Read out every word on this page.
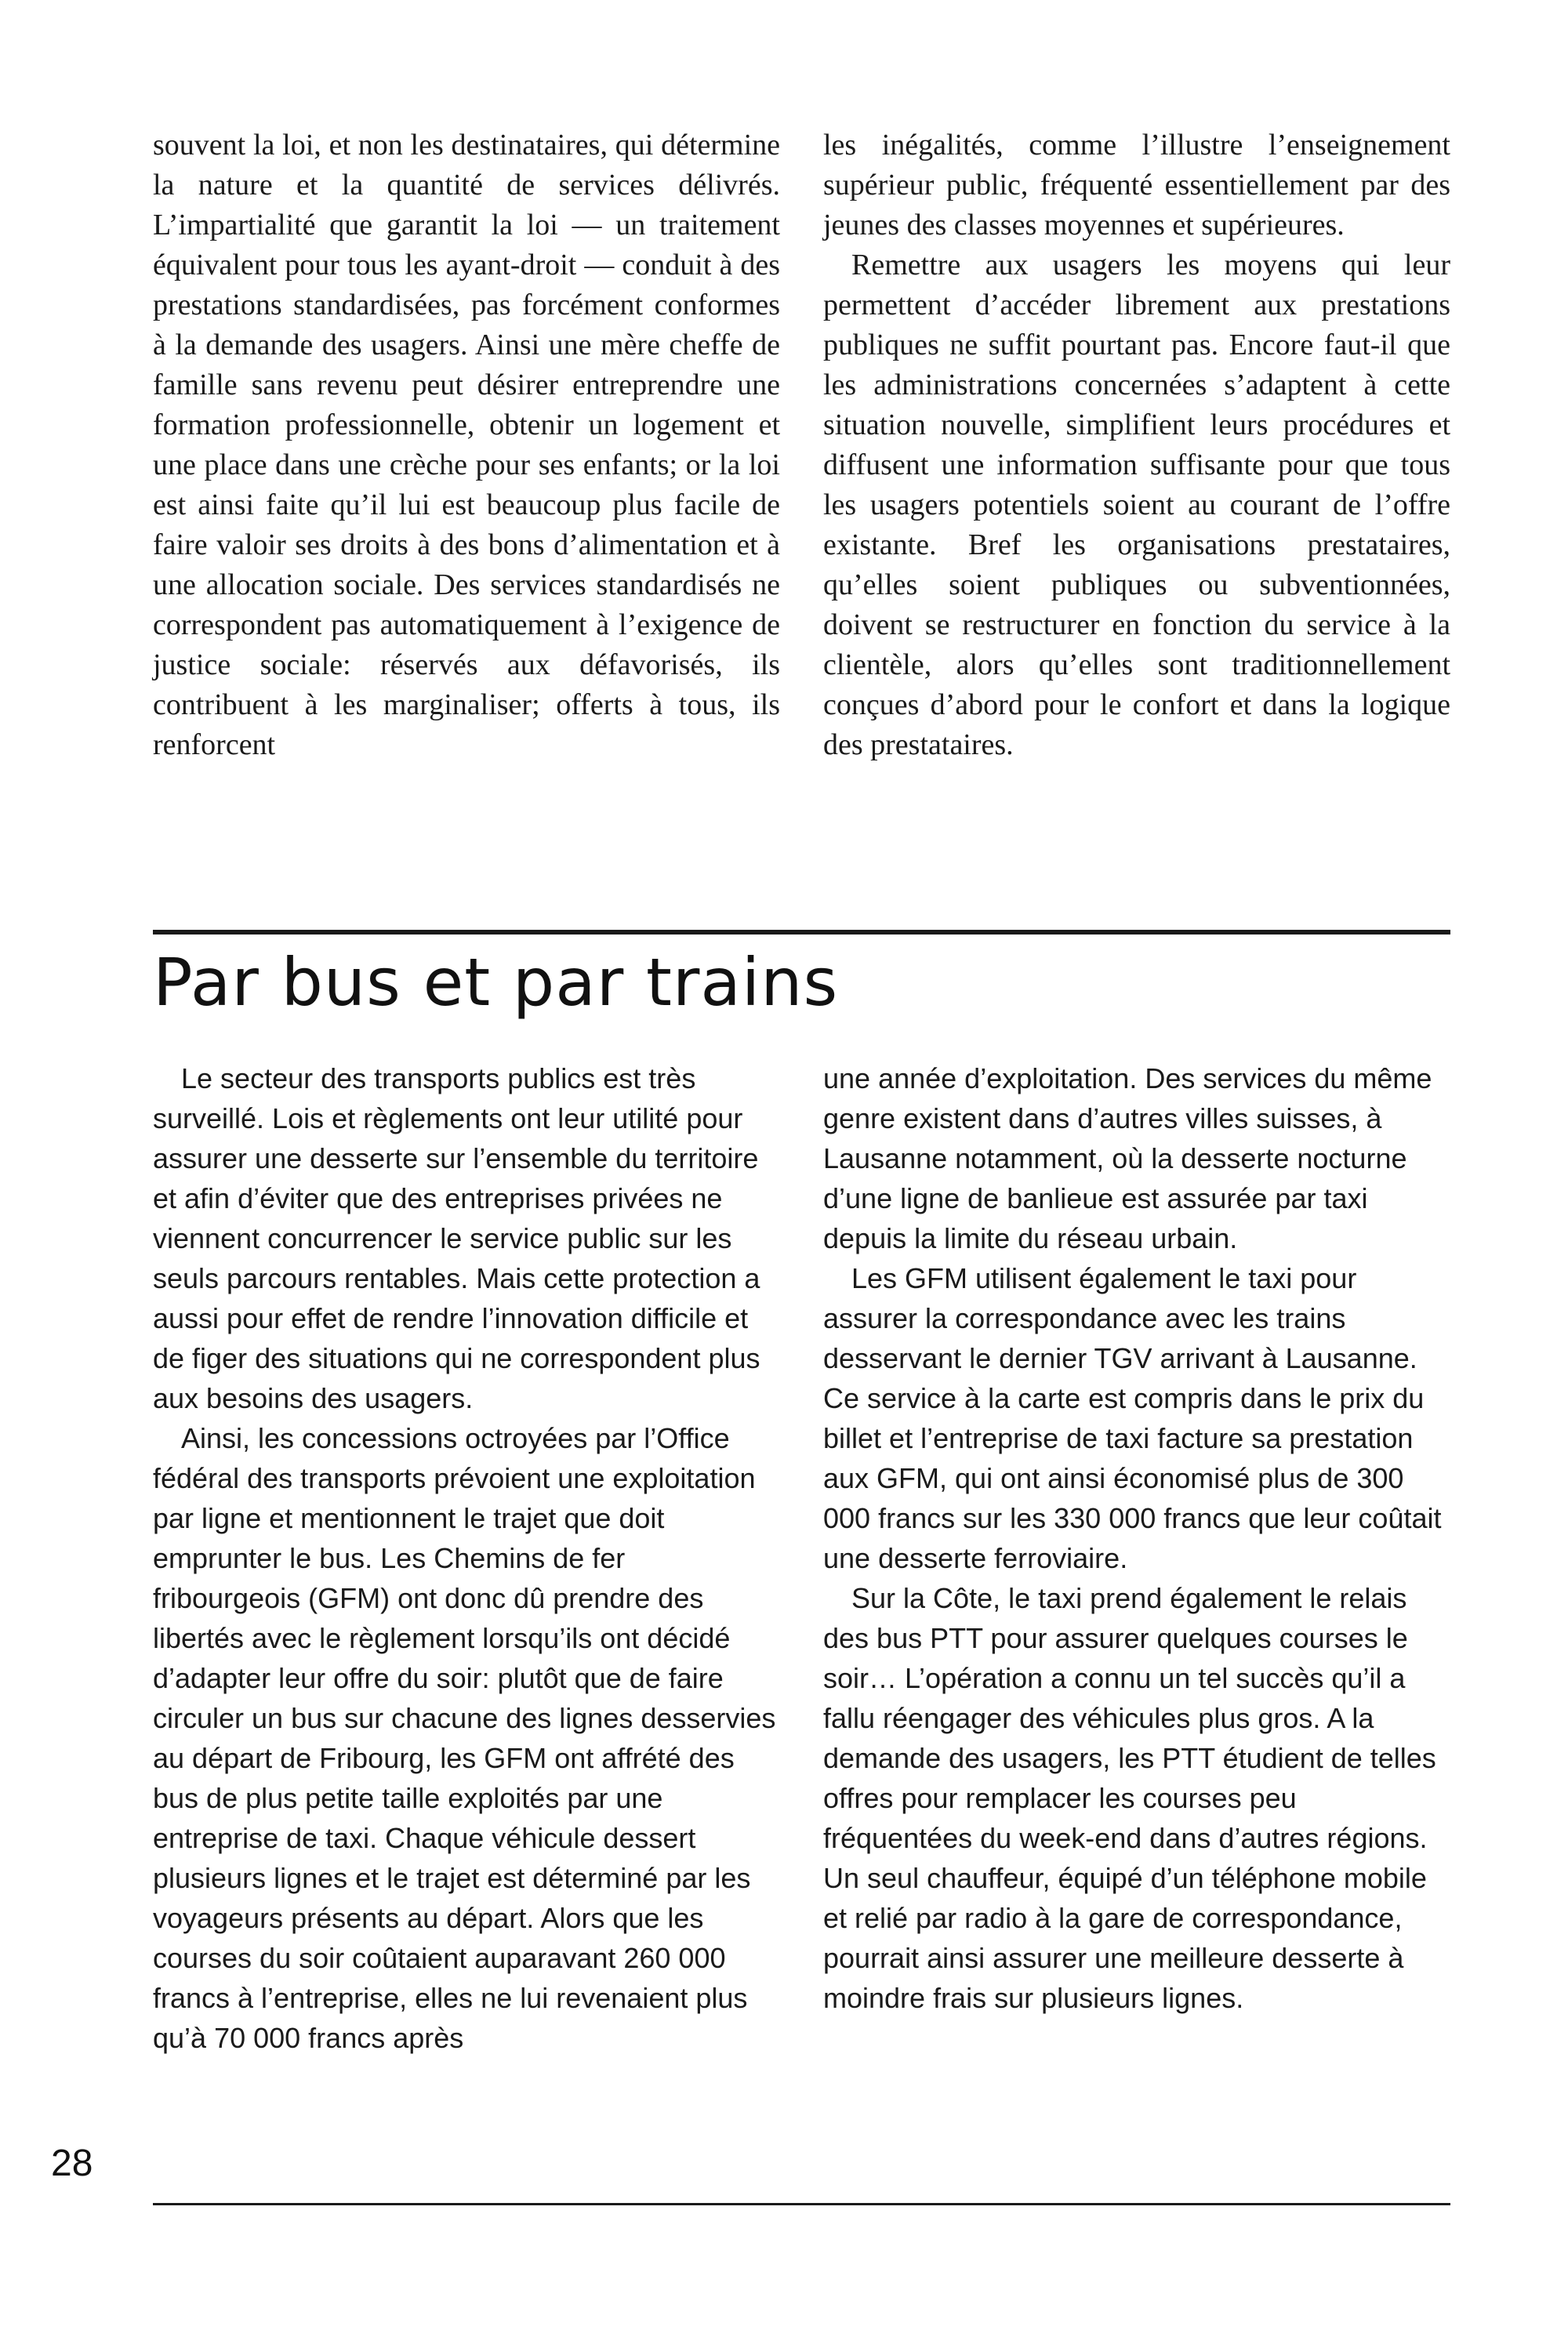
souvent la loi, et non les destinataires, qui détermine la nature et la quantité de services délivrés. L’impartialité que garantit la loi — un traitement équivalent pour tous les ayant-droit — conduit à des prestations standardisées, pas forcément conformes à la demande des usagers. Ainsi une mère cheffe de famille sans revenu peut désirer entreprendre une formation professionnelle, obtenir un logement et une place dans une crèche pour ses enfants; or la loi est ainsi faite qu’il lui est beaucoup plus facile de faire valoir ses droits à des bons d’alimentation et à une allocation sociale. Des services standardisés ne correspondent pas automatiquement à l’exigence de justice sociale: réservés aux défavorisés, ils contribuent à les marginaliser; offerts à tous, ils renforcent

les inégalités, comme l’illustre l’enseignement supérieur public, fréquenté essentiellement par des jeunes des classes moyennes et supérieures.

Remettre aux usagers les moyens qui leur permettent d’accéder librement aux prestations publiques ne suffit pourtant pas. Encore faut-il que les administrations concernées s’adaptent à cette situation nouvelle, simplifient leurs procédures et diffusent une information suffisante pour que tous les usagers potentiels soient au courant de l’offre existante. Bref les organisations prestataires, qu’elles soient publiques ou subventionnées, doivent se restructurer en fonction du service à la clientèle, alors qu’elles sont traditionnellement conçues d’abord pour le confort et dans la logique des prestataires.

Par bus et par trains

Le secteur des transports publics est très surveillé. Lois et règlements ont leur utilité pour assurer une desserte sur l’ensemble du territoire et afin d’éviter que des entreprises privées ne viennent concurrencer le service public sur les seuls parcours rentables. Mais cette protection a aussi pour effet de rendre l’innovation difficile et de figer des situations qui ne correspondent plus aux besoins des usagers.

Ainsi, les concessions octroyées par l’Office fédéral des transports prévoient une exploitation par ligne et mentionnent le trajet que doit emprunter le bus. Les Chemins de fer fribourgeois (GFM) ont donc dû prendre des libertés avec le règlement lorsqu’ils ont décidé d’adapter leur offre du soir: plutôt que de faire circuler un bus sur chacune des lignes desservies au départ de Fribourg, les GFM ont affrété des bus de plus petite taille exploités par une entreprise de taxi. Chaque véhicule dessert plusieurs lignes et le trajet est déterminé par les voyageurs présents au départ. Alors que les courses du soir coûtaient auparavant 260 000 francs à l’entreprise, elles ne lui revenaient plus qu’à 70 000 francs après

une année d’exploitation. Des services du même genre existent dans d’autres villes suisses, à Lausanne notamment, où la desserte nocturne d’une ligne de banlieue est assurée par taxi depuis la limite du réseau urbain.

Les GFM utilisent également le taxi pour assurer la correspondance avec les trains desservant le dernier TGV arrivant à Lausanne. Ce service à la carte est compris dans le prix du billet et l’entreprise de taxi facture sa prestation aux GFM, qui ont ainsi économisé plus de 300 000 francs sur les 330 000 francs que leur coûtait une desserte ferroviaire.

Sur la Côte, le taxi prend également le relais des bus PTT pour assurer quelques courses le soir… L’opération a connu un tel succès qu’il a fallu réengager des véhicules plus gros. A la demande des usagers, les PTT étudient de telles offres pour remplacer les courses peu fréquentées du week-end dans d’autres régions. Un seul chauffeur, équipé d’un téléphone mobile et relié par radio à la gare de correspondance, pourrait ainsi assurer une meilleure desserte à moindre frais sur plusieurs lignes.

28
